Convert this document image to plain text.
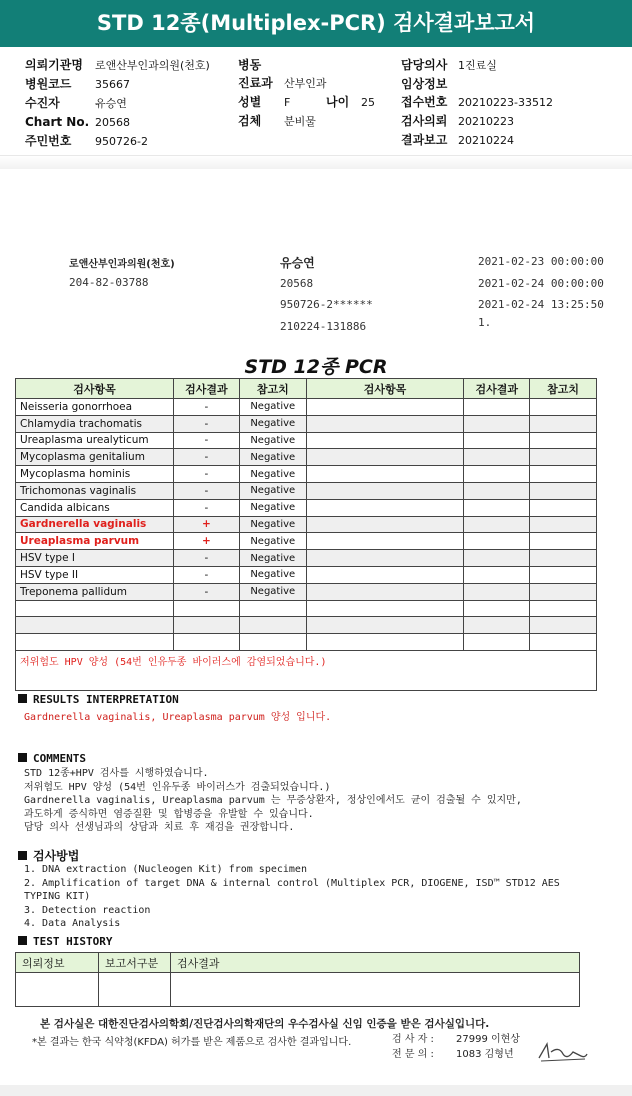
STD 12종(Multiplex-PCR) 검사결과보고서
의뢰기관명 로앤산부인과의원(천호)
병원코드 35667
수진자	유승연
Chart No. 20568
주민번호 950726-2
병동
진료과 산부인과
성별 F	나이 25
검체 분비물
담당의사 1진료실
임상정보
접수번호 20210223-33512
검사의뢰 20210223
결과보고 20210224
로앤산부인과의원(천호)
204-82-03788
유승연
20568
950726-2******
210224-131886
2021-02-23 00:00:00
2021-02-24 00:00:00
2021-02-24 13:25:50
1.
STD 12종 PCR
검사항목	검사결과	참고치	검사항목	검사결과	참고치
Neisseria gonorrhoea	-	Negative			
Chlamydia trachomatis	-	Negative			
Ureaplasma urealyticum	-	Negative			
Mycoplasma genitalium	-	Negative			
Mycoplasma hominis	-	Negative			
Trichomonas vaginalis	-	Negative			
Candida albicans	-	Negative			
Gardnerella vaginalis	+	Negative			
Ureaplasma parvum	+	Negative			
HSV type I	-	Negative			
HSV type II	-	Negative			
Treponema pallidum	-	Negative			

저위험도 HPV 양성 (54번 인유두종 바이러스에 감염되었습니다.)
RESULTS INTERPRETATION
Gardnerella vaginalis, Ureaplasma parvum 양성 입니다.
COMMENTS
STD 12종+HPV 검사를 시행하였습니다.
저위험도 HPV 양성 (54번 인유두종 바이러스가 검출되었습니다.)
Gardnerella vaginalis, Ureaplasma parvum 는 무증상환자, 정상인에서도 균이 검출될 수 있지만,
과도하게 증식하면 염증질환 및 합병증을 유발할 수 있습니다.
담당 의사 선생님과의 상담과 치료 후 재검을 권장합니다.
검사방법
1. DNA extraction (Nucleogen Kit) from specimen
2. Amplification of target DNA & internal control (Multiplex PCR, DIOGENE, ISD™ STD12 AES
TYPING KIT)
3. Detection reaction
4. Data Analysis
TEST HISTORY
의뢰정보	보고서구분	검사결과

본 검사실은 대한진단검사의학회/진단검사의학재단의 우수검사실 신임 인증을 받은 검사실입니다.
*본 결과는 한국 식약청(KFDA) 허가를 받은 제품으로 검사한 결과입니다.	검 사 자 : 27999 이현상
전 문 의 : 1083 김형년
